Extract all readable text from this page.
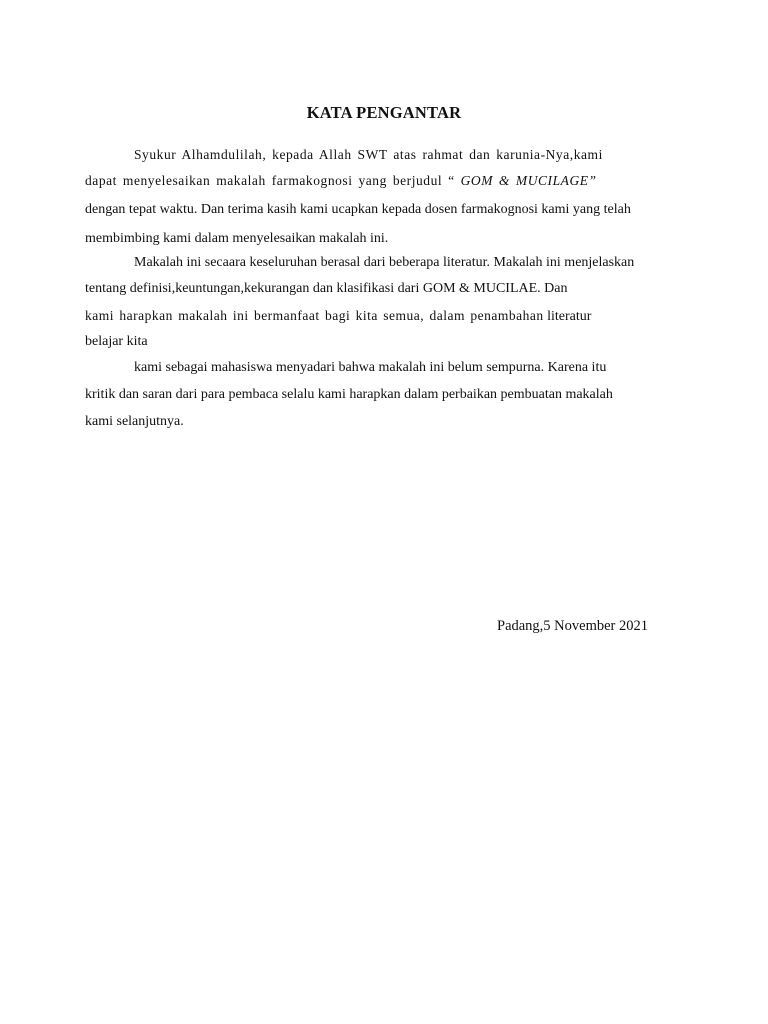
KATA PENGANTAR

Syukur Alhamdulilah, kepada Allah SWT atas rahmat dan karunia-Nya,kami

dapat menyelesaikan makalah farmakognosi yang berjudul “ GOM & MUCILAGE”

dengan tepat waktu. Dan terima kasih kami ucapkan kepada dosen farmakognosi kami yang telah

membimbing kami dalam menyelesaikan makalah ini.

Makalah ini secaara keseluruhan berasal dari beberapa literatur. Makalah ini menjelaskan

tentang definisi,keuntungan,kekurangan dan klasifikasi dari GOM & MUCILAE. Dan

kami harapkan makalah ini bermanfaat bagi kita semua, dalam penambahan literatur

belajar kita

kami sebagai mahasiswa menyadari bahwa makalah ini belum sempurna. Karena itu

kritik dan saran dari para pembaca selalu kami harapkan dalam perbaikan pembuatan makalah

kami selanjutnya.

Padang,5 November 2021
